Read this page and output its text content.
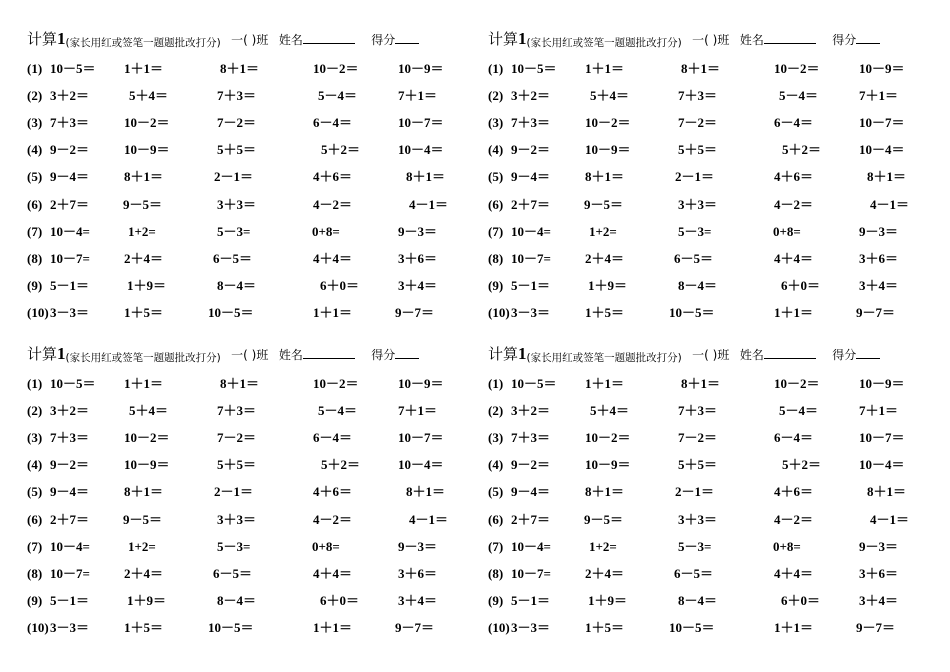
计算1(家长用红或签笔一题题批改打分) 一( )班 姓名	得分
(1) 10－5＝ 1＋1＝	8＋1＝	10－2＝	10－9＝
(2) 3＋2＝	5＋4＝	7＋3＝	5－4＝	7＋1＝
(3) 7＋3＝	10－2＝	7－2＝	6－4＝	10－7＝
(4) 9－2＝	10－9＝	5＋5＝	5＋2＝	10－4＝
(5) 9－4＝	8＋1＝	2－1＝	4＋6＝	8＋1＝
(6) 2＋7＝	9－5＝	3＋3＝	4－2＝	4－1＝
(7) 10－4=	1+2=	5－3=	0+8=	9－3＝
(8) 10－7=	2＋4＝	6－5＝	4＋4＝	3＋6＝
(9) 5－1＝	1＋9＝	8－4＝	6＋0＝	3＋4＝
(10) 3－3＝	1＋5＝	10－5＝	1＋1＝	9－7＝
计算1(家长用红或签笔一题题批改打分) 一( )班 姓名	得分
(1) 10－5＝ 1＋1＝	8＋1＝	10－2＝	10－9＝
(2) 3＋2＝	5＋4＝	7＋3＝	5－4＝	7＋1＝
(3) 7＋3＝	10－2＝	7－2＝	6－4＝	10－7＝
(4) 9－2＝	10－9＝	5＋5＝	5＋2＝	10－4＝
(5) 9－4＝	8＋1＝	2－1＝	4＋6＝	8＋1＝
(6) 2＋7＝	9－5＝	3＋3＝	4－2＝	4－1＝
(7) 10－4=	1+2=	5－3=	0+8=	9－3＝
(8) 10－7=	2＋4＝	6－5＝	4＋4＝	3＋6＝
(9) 5－1＝	1＋9＝	8－4＝	6＋0＝	3＋4＝
(10) 3－3＝	1＋5＝	10－5＝	1＋1＝	9－7＝
计算1(家长用红或签笔一题题批改打分) 一( )班 姓名	得分
(1) 10－5＝ 1＋1＝	8＋1＝	10－2＝	10－9＝
(2) 3＋2＝	5＋4＝	7＋3＝	5－4＝	7＋1＝
(3) 7＋3＝	10－2＝	7－2＝	6－4＝	10－7＝
(4) 9－2＝	10－9＝	5＋5＝	5＋2＝	10－4＝
(5) 9－4＝	8＋1＝	2－1＝	4＋6＝	8＋1＝
(6) 2＋7＝	9－5＝	3＋3＝	4－2＝	4－1＝
(7) 10－4=	1+2=	5－3=	0+8=	9－3＝
(8) 10－7=	2＋4＝	6－5＝	4＋4＝	3＋6＝
(9) 5－1＝	1＋9＝	8－4＝	6＋0＝	3＋4＝
(10) 3－3＝	1＋5＝	10－5＝	1＋1＝	9－7＝
计算1(家长用红或签笔一题题批改打分) 一( )班 姓名	得分
(1) 10－5＝ 1＋1＝	8＋1＝	10－2＝	10－9＝
(2) 3＋2＝	5＋4＝	7＋3＝	5－4＝	7＋1＝
(3) 7＋3＝	10－2＝	7－2＝	6－4＝	10－7＝
(4) 9－2＝	10－9＝	5＋5＝	5＋2＝	10－4＝
(5) 9－4＝	8＋1＝	2－1＝	4＋6＝	8＋1＝
(6) 2＋7＝	9－5＝	3＋3＝	4－2＝	4－1＝
(7) 10－4=	1+2=	5－3=	0+8=	9－3＝
(8) 10－7=	2＋4＝	6－5＝	4＋4＝	3＋6＝
(9) 5－1＝	1＋9＝	8－4＝	6＋0＝	3＋4＝
(10) 3－3＝	1＋5＝	10－5＝	1＋1＝	9－7＝
